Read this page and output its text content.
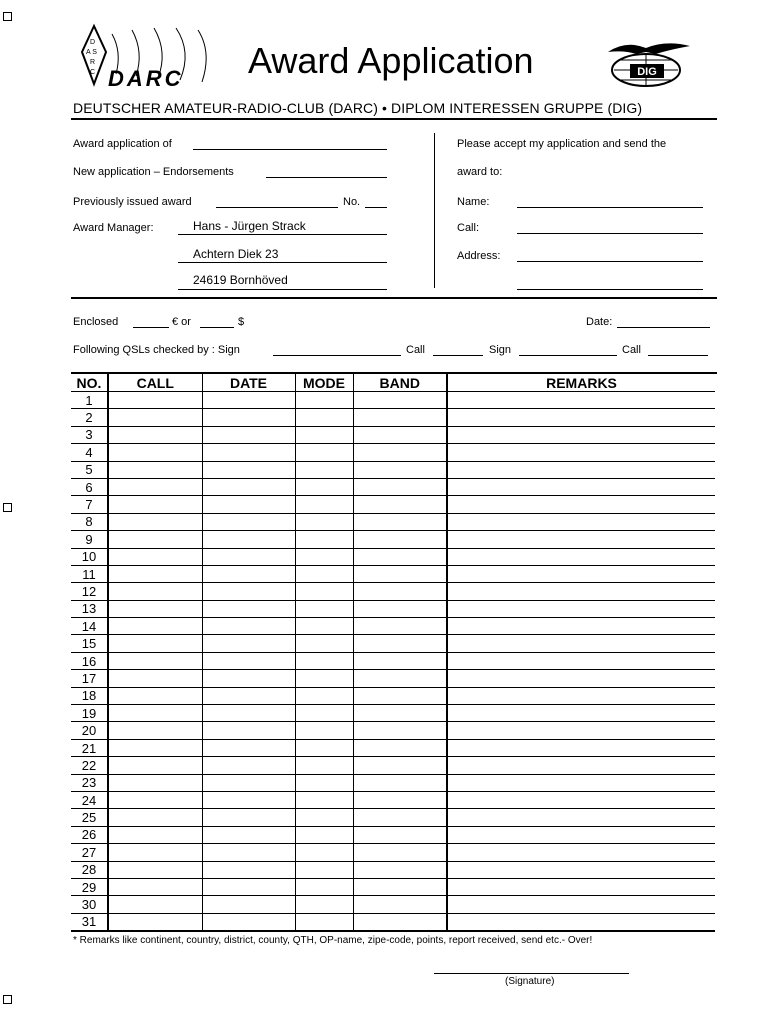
D
A S
R
C DARC Award Application	DIG
DEUTSCHER AMATEUR-RADIO-CLUB (DARC) • DIPLOM INTERESSEN GRUPPE (DIG)
Award application of
New application – Endorsements
Previously issued award	No.
Award Manager:	Hans - Jürgen Strack
Achtern Diek 23
24619 Bornhöved
Please accept my application and send the
award to:
Name:
Call:
Address:
Enclosed	€ or	$	Date:
Following QSLs checked by : Sign	Call	Sign	Call
NO.	CALL	DATE	MODE	BAND	REMARKS
1					
2					
3					
4					
5					
6					
7					
8					
9					
10					
11					
12					
13					
14					
15					
16					
17					
18					
19					
20					
21					
22					
23					
24					
25					
26					
27					
28					
29					
30					
31					
* Remarks like continent, country, district, county, QTH, OP-name, zipe-code, points, report received, send etc.- Over!
(Signature)
